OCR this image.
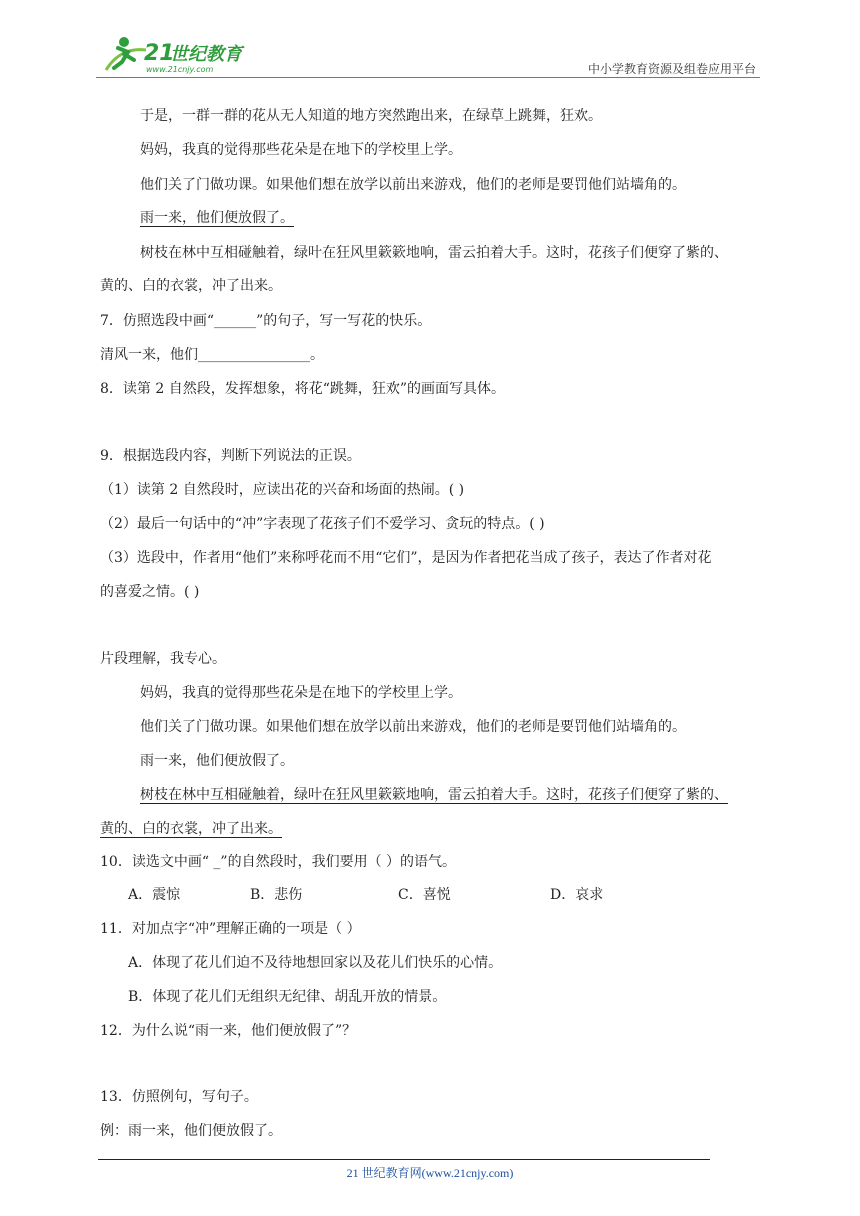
21
世纪教育
www.21cnjy.com	中小学教育资源及组卷应用平台
于是，一群一群的花从无人知道的地方突然跑出来，在绿草上跳舞，狂欢。
妈妈，我真的觉得那些花朵是在地下的学校里上学。
他们关了门做功课。如果他们想在放学以前出来游戏，他们的老师是要罚他们站墙角的。
雨一来，他们便放假了。
树枝在林中互相碰触着，绿叶在狂风里簌簌地响，雷云拍着大手。这时，花孩子们便穿了紫的、
黄的、白的衣裳，冲了出来。
7．仿照选段中画“______”的句子，写一写花的快乐。
清风一来，他们________________。
8．读第 2 自然段，发挥想象，将花“跳舞，狂欢”的画面写具体。
9．根据选段内容，判断下列说法的正误。
（1）读第 2 自然段时，应读出花的兴奋和场面的热闹。( )
（2）最后一句话中的“冲”字表现了花孩子们不爱学习、贪玩的特点。( )
（3）选段中，作者用“他们”来称呼花而不用“它们”，是因为作者把花当成了孩子，表达了作者对花
的喜爱之情。( )
片段理解，我专心。
妈妈，我真的觉得那些花朵是在地下的学校里上学。
他们关了门做功课。如果他们想在放学以前出来游戏，他们的老师是要罚他们站墙角的。
雨一来，他们便放假了。
树枝在林中互相碰触着，绿叶在狂风里簌簌地响，雷云拍着大手。这时，花孩子们便穿了紫的、
黄的、白的衣裳，冲了出来。
10．读选文中画“ _”的自然段时，我们要用（ ）的语气。
A．震惊	B．悲伤	C．喜悦	D．哀求
11．对加点字“冲”理解正确的一项是（ ）
A．体现了花儿们迫不及待地想回家以及花儿们快乐的心情。
B．体现了花儿们无组织无纪律、胡乱开放的情景。
12．为什么说“雨一来，他们便放假了”？
13．仿照例句，写句子。
例：雨一来，他们便放假了。
21 世纪教育网(www.21cnjy.com)
